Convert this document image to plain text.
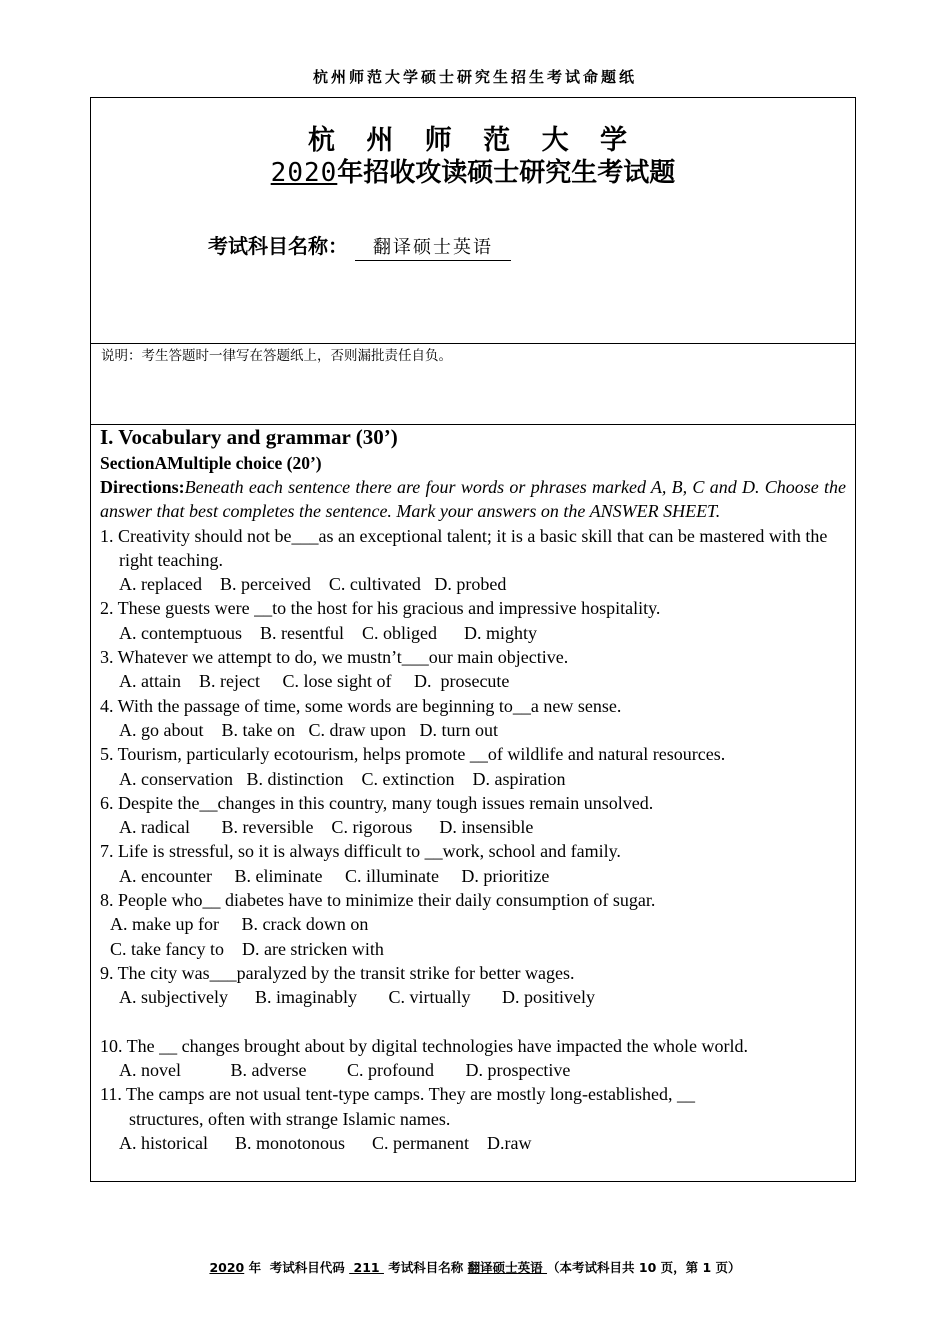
杭州师范大学硕士研究生招生考试命题纸
杭 州 师 范 大 学
2020年招收攻读硕士研究生考试题
考试科目名称： 翻译硕士英语
说明：考生答题时一律写在答题纸上，否则漏批责任自负。
I. Vocabulary and grammar (30’)
SectionAMultiple choice (20’)
Directions:Beneath each sentence there are four words or phrases marked A, B, C and D. Choose the answer that best completes the sentence. Mark your answers on the ANSWER SHEET.
1. Creativity should not be___as an exceptional talent; it is a basic skill that can be mastered with the right teaching.
A. replaced    B. perceived    C. cultivated   D. probed
2. These guests were __to the host for his gracious and impressive hospitality.
A. contemptuous    B. resentful    C. obliged      D. mighty
3. Whatever we attempt to do, we mustn’t___our main objective.
A. attain    B. reject     C. lose sight of     D.  prosecute
4. With the passage of time, some words are beginning to__a new sense.
A. go about    B. take on   C. draw upon   D. turn out
5. Tourism, particularly ecotourism, helps promote __of wildlife and natural resources.
A. conservation   B. distinction    C. extinction    D. aspiration
6. Despite the__changes in this country, many tough issues remain unsolved.
A. radical       B. reversible    C. rigorous      D. insensible
7. Life is stressful, so it is always difficult to __work, school and family.
A. encounter     B. eliminate     C. illuminate     D. prioritize
8. People who__ diabetes have to minimize their daily consumption of sugar.
A. make up for     B. crack down on
C. take fancy to    D. are stricken with
9. The city was___paralyzed by the transit strike for better wages.
A. subjectively      B. imaginably       C. virtually       D. positively

10. The __ changes brought about by digital technologies have impacted the whole world.
A. novel           B. adverse         C. profound       D. prospective
11. The camps are not usual tent-type camps. They are mostly long-established, __
structures, often with strange Islamic names.
A. historical      B. monotonous      C. permanent    D.raw
2020 年  考试科目代码  211  考试科目名称 翻译硕士英语 （本考试科目共 10 页，第 1 页）
